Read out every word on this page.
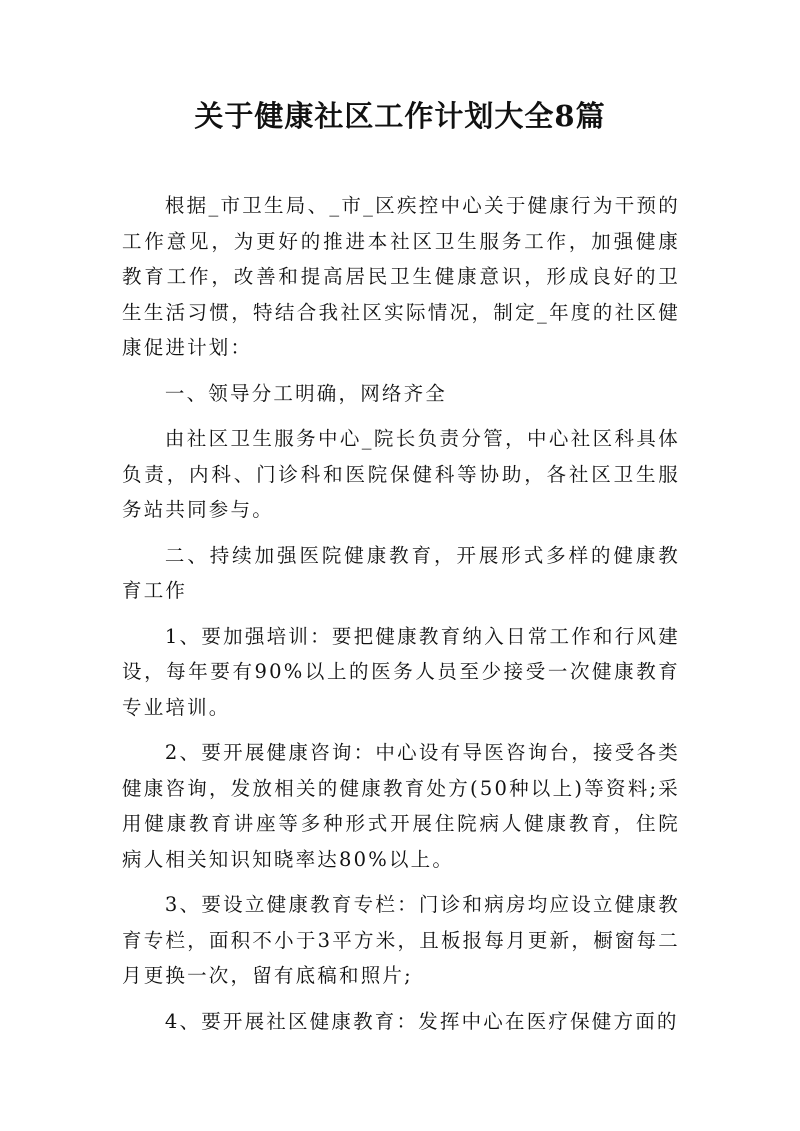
关于健康社区工作计划大全8篇

根据_市卫生局、_市_区疾控中心关于健康行为干预的工作意见，为更好的推进本社区卫生服务工作，加强健康教育工作，改善和提高居民卫生健康意识，形成良好的卫生生活习惯，特结合我社区实际情况，制定_年度的社区健康促进计划：

一、领导分工明确，网络齐全

由社区卫生服务中心_院长负责分管，中心社区科具体负责，内科、门诊科和医院保健科等协助，各社区卫生服务站共同参与。

二、持续加强医院健康教育，开展形式多样的健康教育工作

1、要加强培训：要把健康教育纳入日常工作和行风建设，每年要有90%以上的医务人员至少接受一次健康教育专业培训。

2、要开展健康咨询：中心设有导医咨询台，接受各类健康咨询，发放相关的健康教育处方(50种以上)等资料;采用健康教育讲座等多种形式开展住院病人健康教育，住院病人相关知识知晓率达80%以上。

3、要设立健康教育专栏：门诊和病房均应设立健康教育专栏，面积不小于3平方米，且板报每月更新，橱窗每二月更换一次，留有底稿和照片;

4、要开展社区健康教育：发挥中心在医疗保健方面的
